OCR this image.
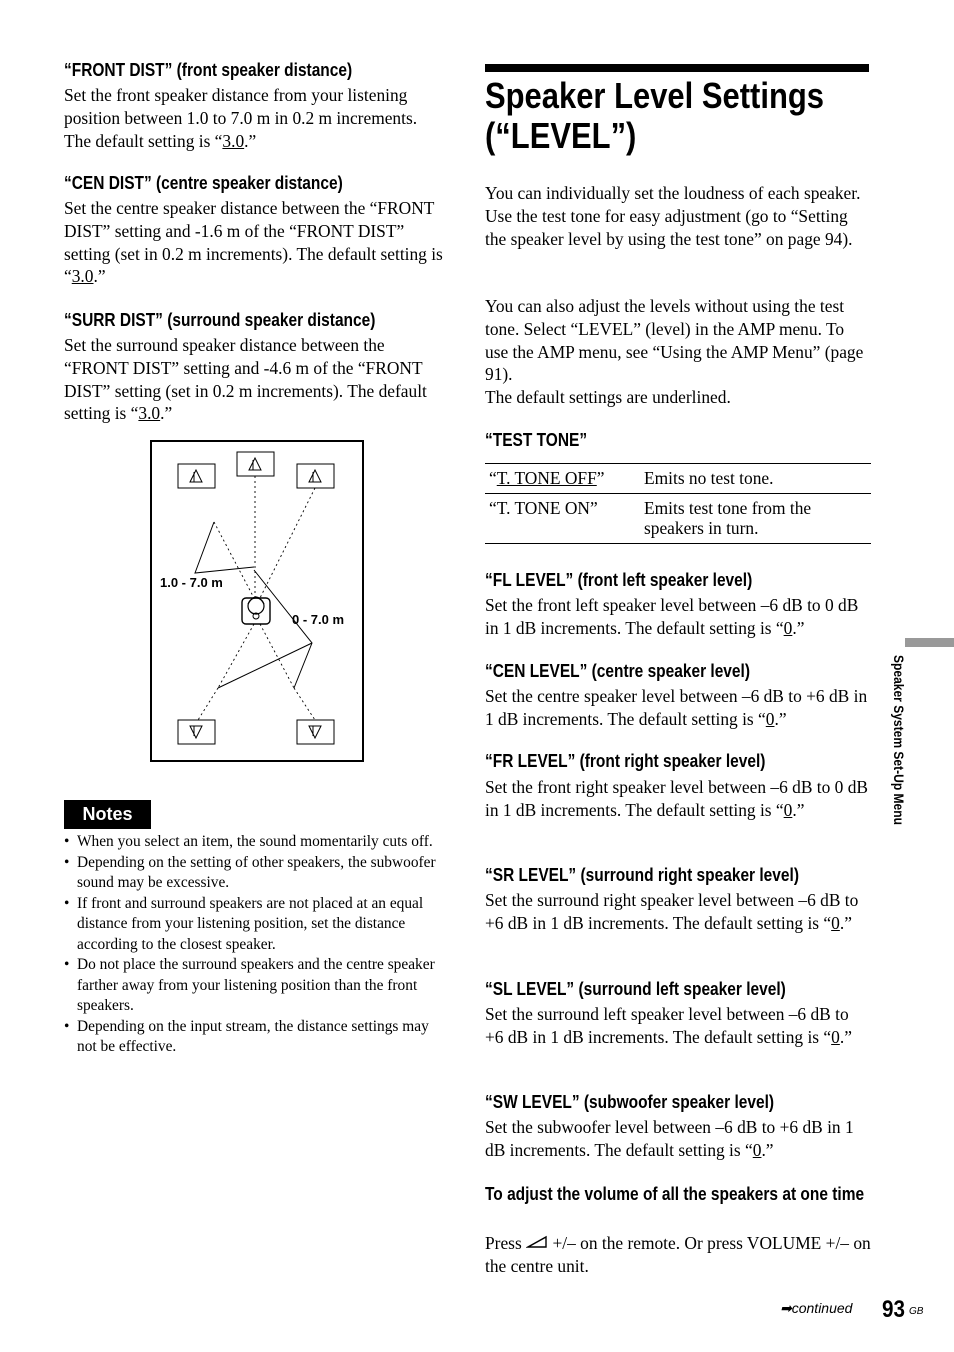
“FRONT DIST” (front speaker distance)
Set the front speaker distance from your listening position between 1.0 to 7.0 m in 0.2 m increments. The default setting is “3.0.”
“CEN DIST” (centre speaker distance)
Set the centre speaker distance between the “FRONT DIST” setting and -1.6 m of the “FRONT DIST” setting (set in 0.2 m increments). The default setting is “3.0.”
“SURR DIST” (surround speaker distance)
Set the surround speaker distance between the “FRONT DIST” setting and -4.6 m of the “FRONT DIST” setting (set in 0.2 m increments). The default setting is “3.0.”
1.0 - 7.0 m
0 - 7.0 m
Notes
• When you select an item, the sound momentarily cuts off.
• Depending on the setting of other speakers, the subwoofer sound may be excessive.
• If front and surround speakers are not placed at an equal distance from your listening position, set the distance according to the closest speaker.
• Do not place the surround speakers and the centre speaker farther away from your listening position than the front speakers.
• Depending on the input stream, the distance settings may not be effective.
Speaker Level Settings (“LEVEL”)
You can individually set the loudness of each speaker. Use the test tone for easy adjustment (go to “Setting the speaker level by using the test tone” on page 94).
You can also adjust the levels without using the test tone. Select “LEVEL” (level) in the AMP menu. To use the AMP menu, see “Using the AMP Menu” (page 91).
The default settings are underlined.
“TEST TONE”
“T. TONE OFF”	Emits no test tone.
“T. TONE ON”	Emits test tone from the speakers in turn.
“FL LEVEL” (front left speaker level)
Set the front left speaker level between –6 dB to 0 dB in 1 dB increments. The default setting is “0.”
“CEN LEVEL” (centre speaker level)
Set the centre speaker level between –6 dB to +6 dB in 1 dB increments. The default setting is “0.”
“FR LEVEL” (front right speaker level)
Set the front right speaker level between –6 dB to 0 dB in 1 dB increments. The default setting is “0.”
“SR LEVEL” (surround right speaker level)
Set the surround right speaker level between –6 dB to +6 dB in 1 dB increments. The default setting is “0.”
“SL LEVEL” (surround left speaker level)
Set the surround left speaker level between –6 dB to +6 dB in 1 dB increments. The default setting is “0.”
“SW LEVEL” (subwoofer speaker level)
Set the subwoofer level between –6 dB to +6 dB in 1 dB increments. The default setting is “0.”
To adjust the volume of all the speakers at one time
Press +/– on the remote. Or press VOLUME +/– on the centre unit.
Speaker System Set-Up Menu
➡continued 93 GB
